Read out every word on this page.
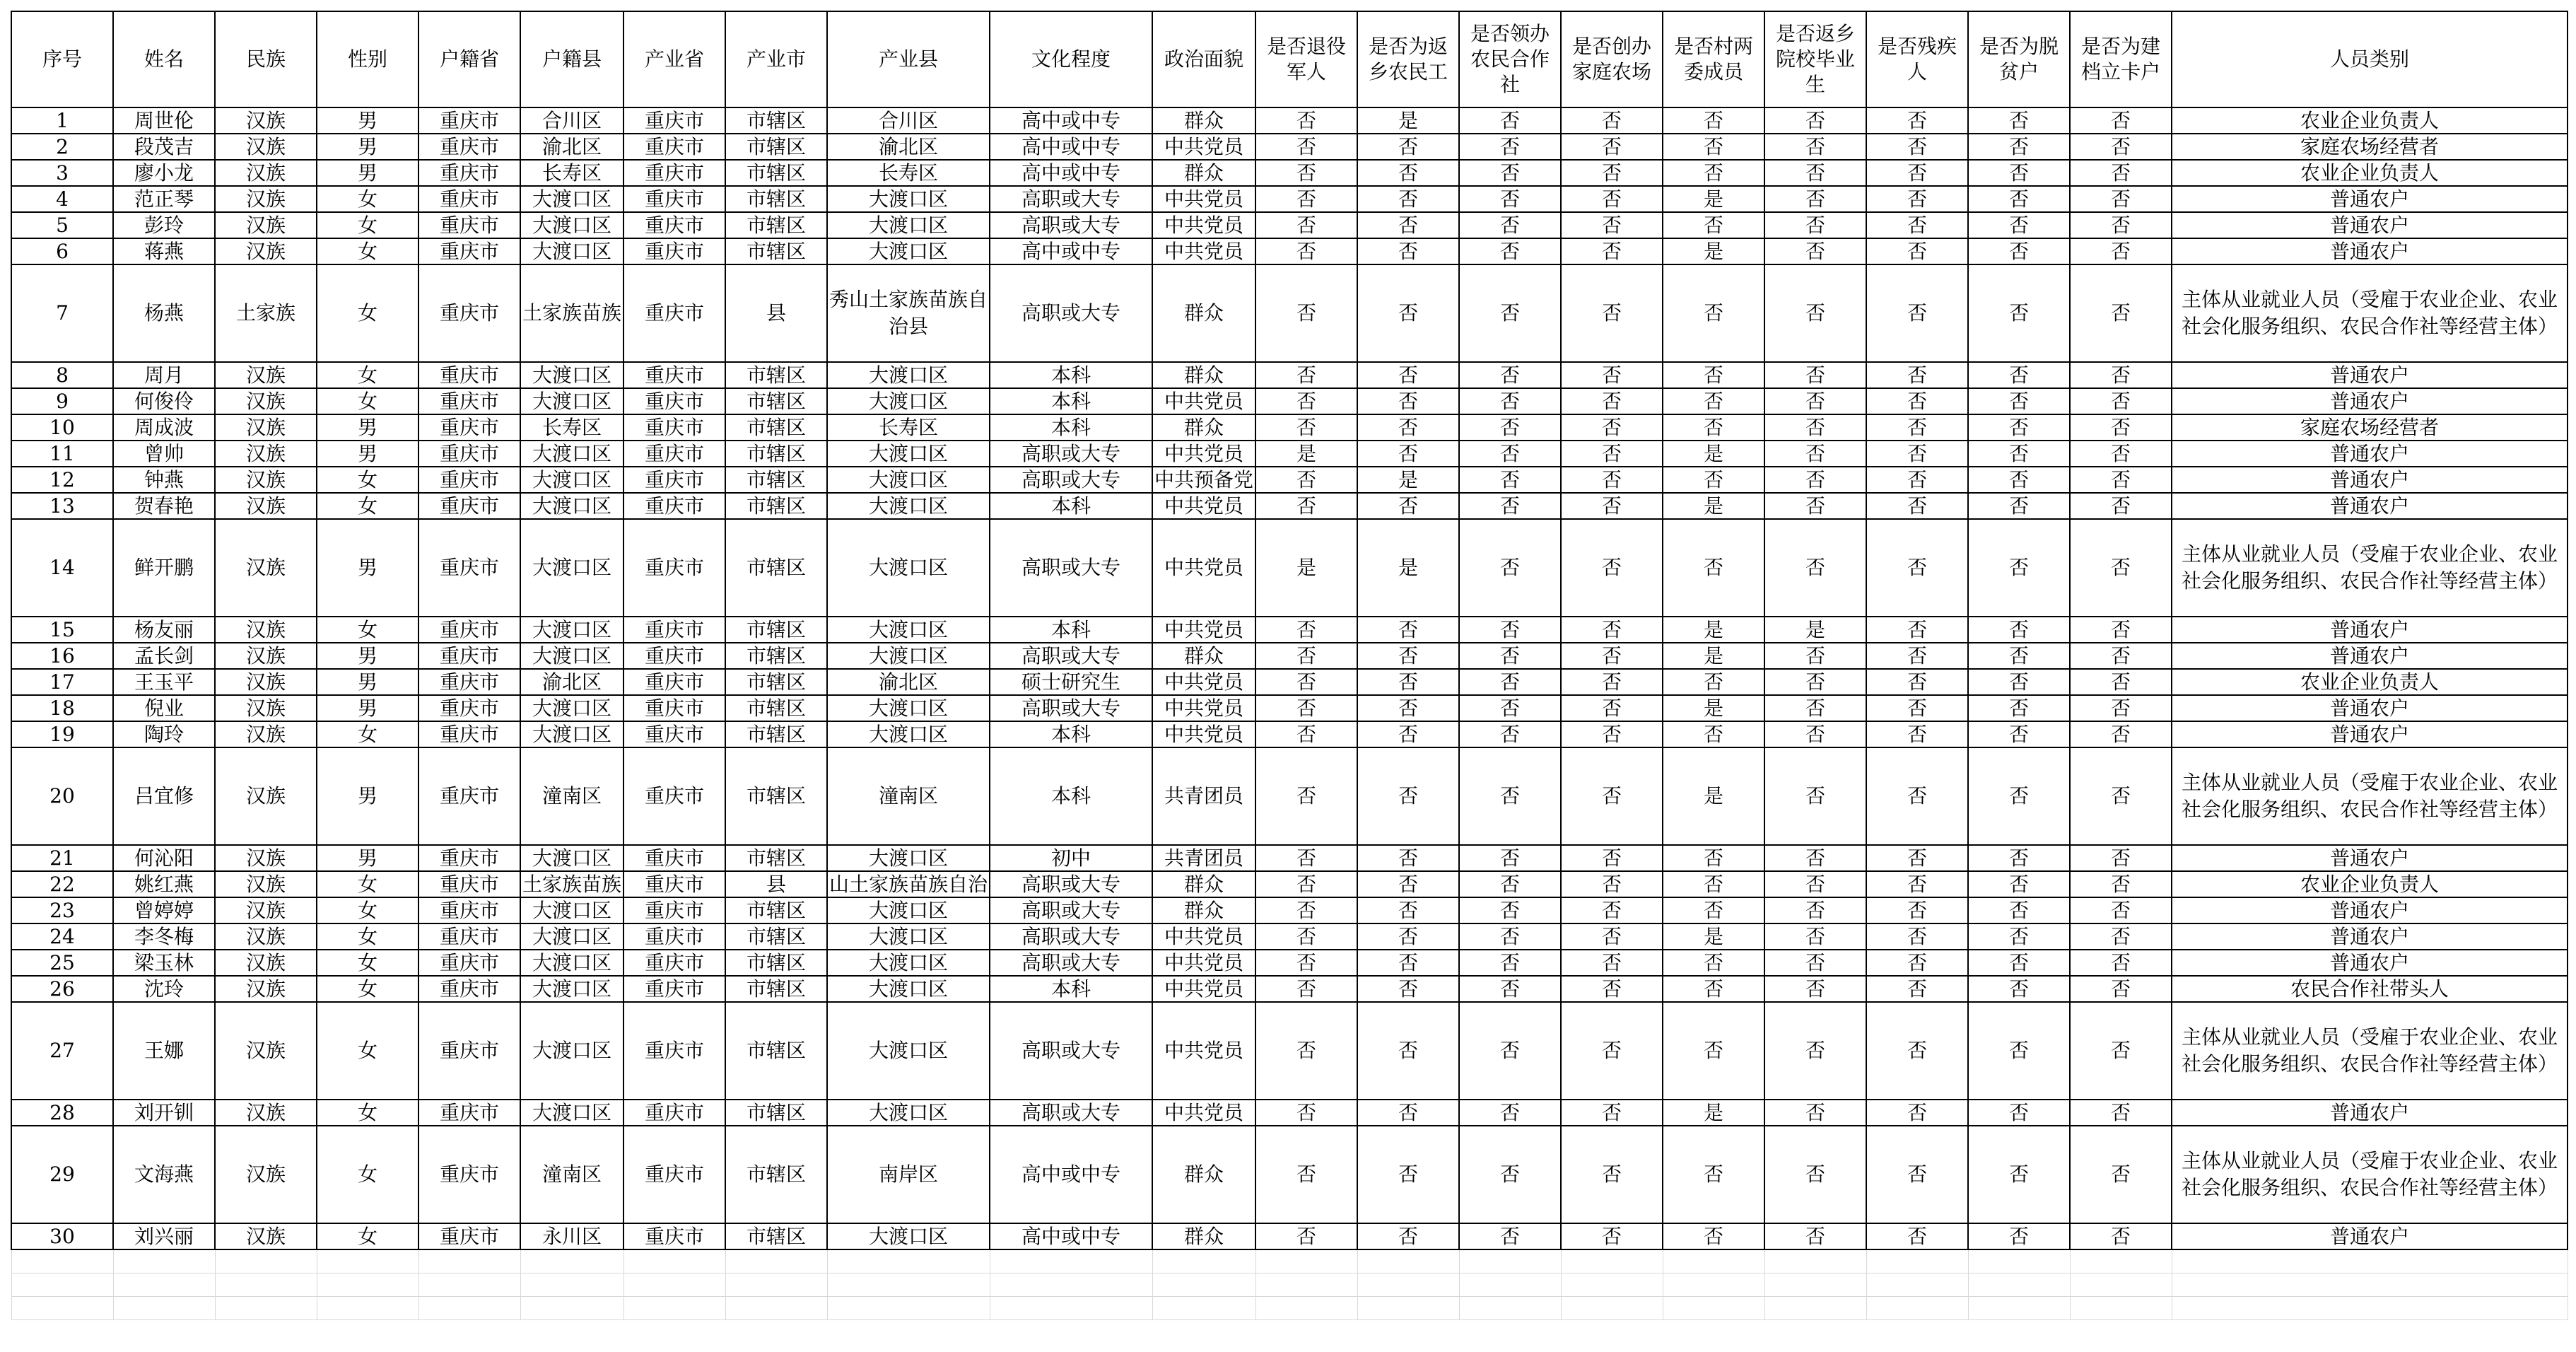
序号	姓名	民族	性别	户籍省	户籍县	产业省	产业市	产业县	文化程度	政治面貌	是否退役军人	是否为返乡农民工	是否领办农民合作社	是否创办家庭农场	是否村两委成员	是否返乡院校毕业生	是否残疾人	是否为脱贫户	是否为建档立卡户	人员类别
1	周世伦	汉族	男	重庆市	合川区	重庆市	市辖区	合川区	高中或中专	群众	否	是	否	否	否	否	否	否	否	农业企业负责人
2	段茂吉	汉族	男	重庆市	渝北区	重庆市	市辖区	渝北区	高中或中专	中共党员	否	否	否	否	否	否	否	否	否	家庭农场经营者
3	廖小龙	汉族	男	重庆市	长寿区	重庆市	市辖区	长寿区	高中或中专	群众	否	否	否	否	否	否	否	否	否	农业企业负责人
4	范正琴	汉族	女	重庆市	大渡口区	重庆市	市辖区	大渡口区	高职或大专	中共党员	否	否	否	否	是	否	否	否	否	普通农户
5	彭玲	汉族	女	重庆市	大渡口区	重庆市	市辖区	大渡口区	高职或大专	中共党员	否	否	否	否	否	否	否	否	否	普通农户
6	蒋燕	汉族	女	重庆市	大渡口区	重庆市	市辖区	大渡口区	高中或中专	中共党员	否	否	否	否	是	否	否	否	否	普通农户
7	杨燕	土家族	女	重庆市	土家族苗族	重庆市	县	秀山土家族苗族自治县	高职或大专	群众	否	否	否	否	否	否	否	否	否	主体从业就业人员（受雇于农业企业、农业社会化服务组织、农民合作社等经营主体）
8	周月	汉族	女	重庆市	大渡口区	重庆市	市辖区	大渡口区	本科	群众	否	否	否	否	否	否	否	否	否	普通农户
9	何俊伶	汉族	女	重庆市	大渡口区	重庆市	市辖区	大渡口区	本科	中共党员	否	否	否	否	否	否	否	否	否	普通农户
10	周成波	汉族	男	重庆市	长寿区	重庆市	市辖区	长寿区	本科	群众	否	否	否	否	否	否	否	否	否	家庭农场经营者
11	曾帅	汉族	男	重庆市	大渡口区	重庆市	市辖区	大渡口区	高职或大专	中共党员	是	否	否	否	是	否	否	否	否	普通农户
12	钟燕	汉族	女	重庆市	大渡口区	重庆市	市辖区	大渡口区	高职或大专	中共预备党	否	是	否	否	否	否	否	否	否	普通农户
13	贺春艳	汉族	女	重庆市	大渡口区	重庆市	市辖区	大渡口区	本科	中共党员	否	否	否	否	是	否	否	否	否	普通农户
14	鲜开鹏	汉族	男	重庆市	大渡口区	重庆市	市辖区	大渡口区	高职或大专	中共党员	是	是	否	否	否	否	否	否	否	主体从业就业人员（受雇于农业企业、农业社会化服务组织、农民合作社等经营主体）
15	杨友丽	汉族	女	重庆市	大渡口区	重庆市	市辖区	大渡口区	本科	中共党员	否	否	否	否	是	是	否	否	否	普通农户
16	孟长剑	汉族	男	重庆市	大渡口区	重庆市	市辖区	大渡口区	高职或大专	群众	否	否	否	否	是	否	否	否	否	普通农户
17	王玉平	汉族	男	重庆市	渝北区	重庆市	市辖区	渝北区	硕士研究生	中共党员	否	否	否	否	否	否	否	否	否	农业企业负责人
18	倪业	汉族	男	重庆市	大渡口区	重庆市	市辖区	大渡口区	高职或大专	中共党员	否	否	否	否	是	否	否	否	否	普通农户
19	陶玲	汉族	女	重庆市	大渡口区	重庆市	市辖区	大渡口区	本科	中共党员	否	否	否	否	否	否	否	否	否	普通农户
20	吕宜修	汉族	男	重庆市	潼南区	重庆市	市辖区	潼南区	本科	共青团员	否	否	否	否	是	否	否	否	否	主体从业就业人员（受雇于农业企业、农业社会化服务组织、农民合作社等经营主体）
21	何沁阳	汉族	男	重庆市	大渡口区	重庆市	市辖区	大渡口区	初中	共青团员	否	否	否	否	否	否	否	否	否	普通农户
22	姚红燕	汉族	女	重庆市	土家族苗族	重庆市	县	山土家族苗族自治	高职或大专	群众	否	否	否	否	否	否	否	否	否	农业企业负责人
23	曾婷婷	汉族	女	重庆市	大渡口区	重庆市	市辖区	大渡口区	高职或大专	群众	否	否	否	否	否	否	否	否	否	普通农户
24	李冬梅	汉族	女	重庆市	大渡口区	重庆市	市辖区	大渡口区	高职或大专	中共党员	否	否	否	否	是	否	否	否	否	普通农户
25	梁玉林	汉族	女	重庆市	大渡口区	重庆市	市辖区	大渡口区	高职或大专	中共党员	否	否	否	否	否	否	否	否	否	普通农户
26	沈玲	汉族	女	重庆市	大渡口区	重庆市	市辖区	大渡口区	本科	中共党员	否	否	否	否	否	否	否	否	否	农民合作社带头人
27	王娜	汉族	女	重庆市	大渡口区	重庆市	市辖区	大渡口区	高职或大专	中共党员	否	否	否	否	否	否	否	否	否	主体从业就业人员（受雇于农业企业、农业社会化服务组织、农民合作社等经营主体）
28	刘开钏	汉族	女	重庆市	大渡口区	重庆市	市辖区	大渡口区	高职或大专	中共党员	否	否	否	否	是	否	否	否	否	普通农户
29	文海燕	汉族	女	重庆市	潼南区	重庆市	市辖区	南岸区	高中或中专	群众	否	否	否	否	否	否	否	否	否	主体从业就业人员（受雇于农业企业、农业社会化服务组织、农民合作社等经营主体）
30	刘兴丽	汉族	女	重庆市	永川区	重庆市	市辖区	大渡口区	高中或中专	群众	否	否	否	否	否	否	否	否	否	普通农户
